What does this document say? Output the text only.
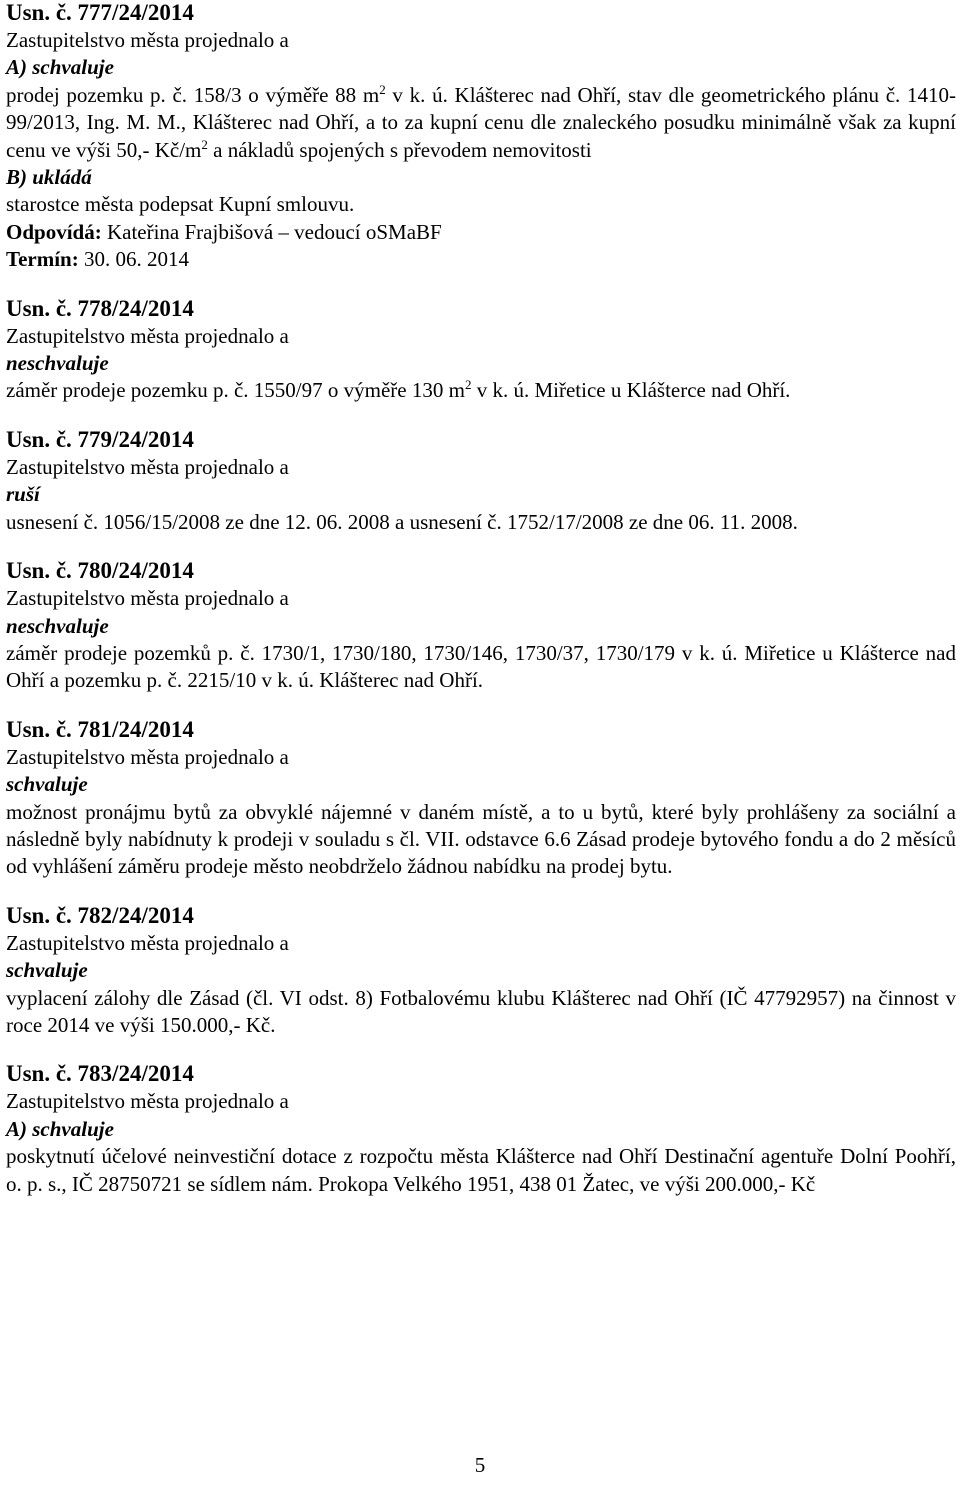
Usn. č. 777/24/2014
Zastupitelstvo města projednalo a
A) schvaluje
prodej pozemku p. č. 158/3 o výměře 88 $m^2$ v k. ú. Klášterec nad Ohří, stav dle geometrického plánu č. 1410-99/2013, Ing. M. M., Klášterec nad Ohří, a to za kupní cenu dle znaleckého posudku minimálně však za kupní cenu ve výši 50,- $Kč/m^2$ a nákladů spojených s převodem nemovitosti
B) ukládá
starostce města podepsat Kupní smlouvu.
Odpovídá: Kateřina Frajbišová – vedoucí oSMaBF
Termín: 30. 06. 2014
Usn. č. 778/24/2014
Zastupitelstvo města projednalo a
neschvaluje
záměr prodeje pozemku p. č. 1550/97 o výměře 130 $m^2$ v k. ú. Miřetice u Klášterce nad Ohří.
Usn. č. 779/24/2014
Zastupitelstvo města projednalo a
ruší
usnesení č. 1056/15/2008 ze dne 12. 06. 2008 a usnesení č. 1752/17/2008 ze dne 06. 11. 2008.
Usn. č. 780/24/2014
Zastupitelstvo města projednalo a
neschvaluje
záměr prodeje pozemků p. č. 1730/1, 1730/180, 1730/146, 1730/37, 1730/179 v k. ú. Miřetice u Klášterce nad Ohří a pozemku p. č. 2215/10 v k. ú. Klášterec nad Ohří.
Usn. č. 781/24/2014
Zastupitelstvo města projednalo a
schvaluje
možnost pronájmu bytů za obvyklé nájemné v daném místě, a to u bytů, které byly prohlášeny za sociální a následně byly nabídnuty k prodeji v souladu s čl. VII. odstavce 6.6 Zásad prodeje bytového fondu a do 2 měsíců od vyhlášení záměru prodeje město neobdrželo žádnou nabídku na prodej bytu.
Usn. č. 782/24/2014
Zastupitelstvo města projednalo a
schvaluje
vyplacení zálohy dle Zásad (čl. VI odst. 8) Fotbalovému klubu Klášterec nad Ohří (IČ 47792957) na činnost v roce 2014 ve výši 150.000,- Kč.
Usn. č. 783/24/2014
Zastupitelstvo města projednalo a
A) schvaluje
poskytnutí účelové neinvestiční dotace z rozpočtu města Klášterce nad Ohří Destinační agentuře Dolní Poohří, o. p. s., IČ 28750721 se sídlem nám. Prokopa Velkého 1951, 438 01 Žatec, ve výši 200.000,- Kč
5
